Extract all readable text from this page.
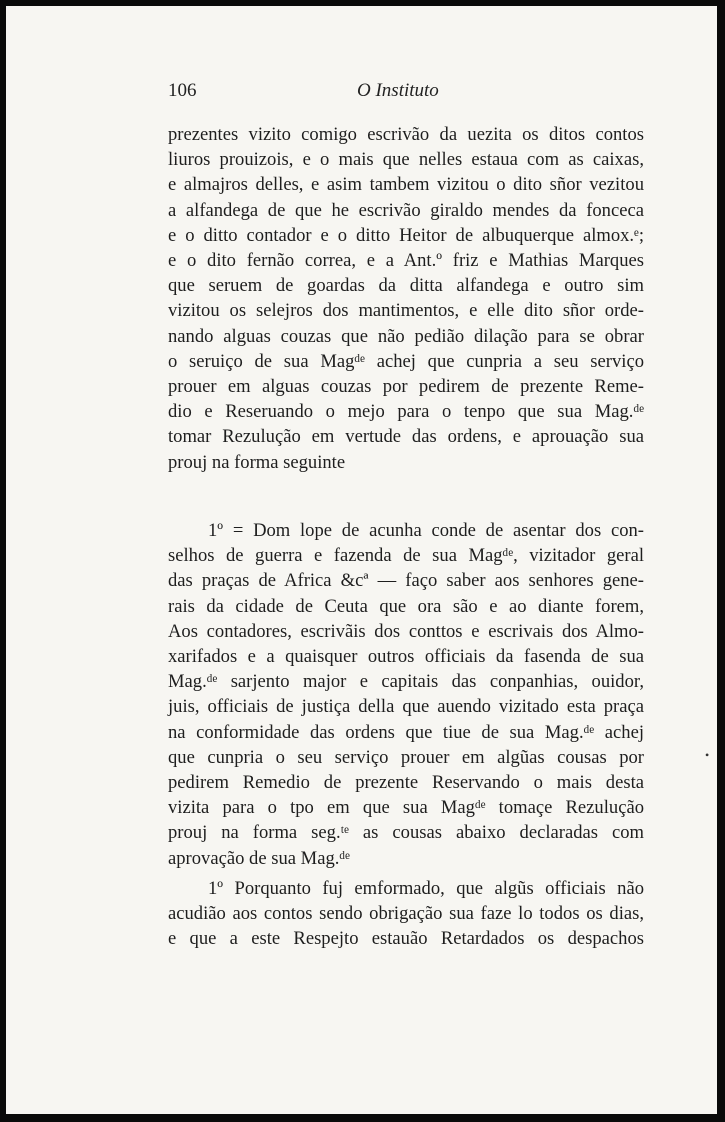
106	O Instituto
prezentes vizito comigo escrivão da uezita os ditos contos
liuros prouizois, e o mais que nelles estaua com as caixas,
e almajros delles, e asim tambem vizitou o dito sñor vezitou
a alfandega de que he escrivão giraldo mendes da fonceca
e o ditto contador e o ditto Heitor de albuquerque almox.ᵉ;
e o dito fernão correa, e a Ant.º friz e Mathias Marques
que seruem de goardas da ditta alfandega e outro sim
vizitou os selejros dos mantimentos, e elle dito sñor orde-
nando alguas couzas que não pedião dilação para se obrar
o seruiço de sua Magᵈᵉ achej que cunpria a seu serviço
prouer em alguas couzas por pedirem de prezente Reme-
dio e Reseruando o mejo para o tenpo que sua Mag.ᵈᵉ
tomar Rezulução em vertude das ordens, e aprouação sua
prouj na forma seguinte
1º = Dom lope de acunha conde de asentar dos con-
selhos de guerra e fazenda de sua Magᵈᵉ, vizitador geral
das praças de Africa &cª — faço saber aos senhores gene-
rais da cidade de Ceuta que ora são e ao diante forem,
Aos contadores, escrivãis dos conttos e escrivais dos Almo-
xarifados e a quaisquer outros officiais da fasenda de sua
Mag.ᵈᵉ sarjento major e capitais das conpanhias, ouidor,
juis, officiais de justiça della que auendo vizitado esta praça
na conformidade das ordens que tiue de sua Mag.ᵈᵉ achej
que cunpria o seu serviço prouer em algũas cousas por
pedirem Remedio de prezente Reservando o mais desta
vizita para o tpo em que sua Magᵈᵉ tomaçe Rezulução
prouj na forma seg.ᵗᵉ as cousas abaixo declaradas com
aprovação de sua Mag.ᵈᵉ
1º Porquanto fuj emformado, que algũs officiais não
acudião aos contos sendo obrigação sua faze lo todos os dias,
e que a este Respejto estauão Retardados os despachos
•
